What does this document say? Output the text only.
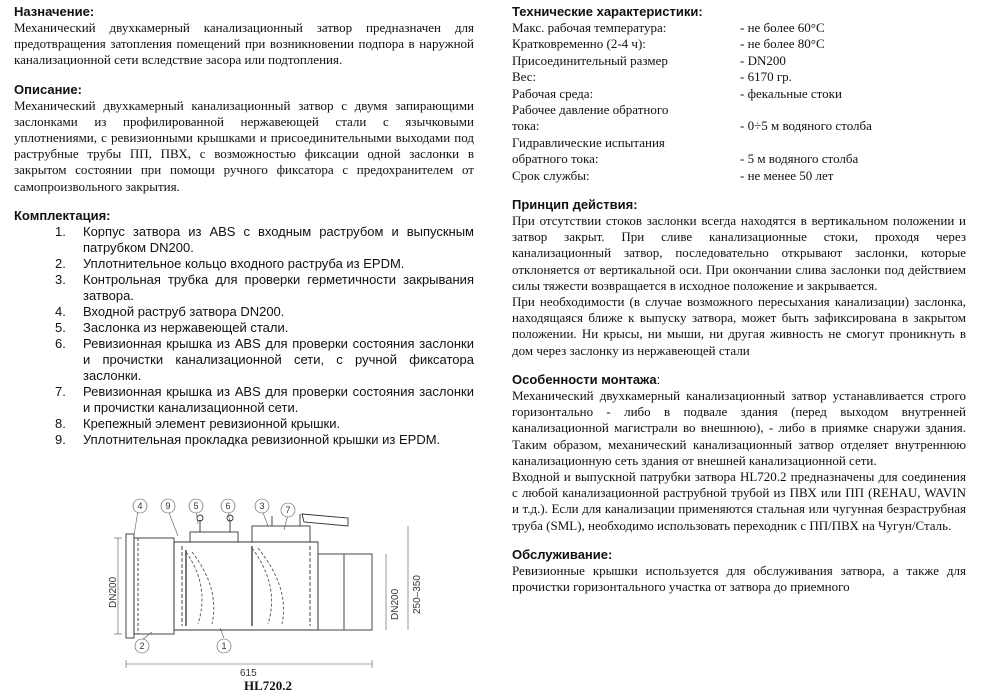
Назначение:

Механический двухкамерный канализационный затвор предназначен для предотвращения затопления помещений при возникновении подпора в наружной канализационной сети вследствие засора или подтопления.

Описание:

Механический двухкамерный канализационный затвор с двумя запирающими заслонками из профилированной нержавеющей стали с язычковыми уплотнениями, с ревизионными крышками и присоединительными выходами под раструбные трубы ПП, ПВХ, с возможностью фиксации одной заслонки в закрытом состоянии при помощи ручного фиксатора с предохранителем от самопроизвольного закрытия.

Комплектация:

1. Корпус затвора из ABS с входным раструбом и выпускным патрубком DN200.
2. Уплотнительное кольцо входного раструба из EPDM.
3. Контрольная трубка для проверки герметичности закрывания затвора.
4. Входной раструб затвора DN200.
5. Заслонка из нержавеющей стали.
6. Ревизионная крышка из ABS для проверки состояния заслонки и прочистки канализационной сети, с ручной фиксатора заслонки.
7. Ревизионная крышка из ABS для проверки состояния заслонки и прочистки канализационной сети.
8. Крепежный элемент ревизионной крышки.
9. Уплотнительная прокладка ревизионной крышки из EPDM.
4	9	5	6	3 7
1
2
DN200	DN200 250–350
615
HL720.2

Технические характеристики:

Макс. рабочая температура:	- не более 60°С
Кратковременно (2-4 ч):	- не более 80°С
Присоединительный размер	- DN200
Вес:	- 6170 гр.
Рабочая среда:	- фекальные стоки
Рабочее давление обратного	
тока:	- 0÷5 м водяного столба
Гидравлические испытания	
обратного тока:	- 5 м водяного столба
Срок службы:	- не менее 50 лет

Принцип действия:

При отсутствии стоков заслонки всегда находятся в вертикальном положении и затвор закрыт. При сливе канализационные стоки, проходя через канализационный затвор, последовательно открывают заслонки, которые отклоняется от вертикальной оси. При окончании слива заслонки под действием силы тяжести возвращается в исходное положение и закрывается.

При необходимости (в случае возможного пересыхания канализации) заслонка, находящаяся ближе к выпуску затвора, может быть зафиксирована в закрытом положении. Ни крысы, ни мыши, ни другая живность не смогут проникнуть в дом через заслонку из нержавеющей стали

Особенности монтажа:

Механический двухкамерный канализационный затвор устанавливается строго горизонтально - либо в подвале здания (перед выходом внутренней канализационной магистрали во внешнюю), - либо в приямке снаружи здания. Таким образом, механический канализационный затвор отделяет внутреннюю канализационную сеть здания от внешней канализационной сети.

Входной и выпускной патрубки затвора HL720.2 предназначены для соединения с любой канализационной раструбной трубой из ПВХ или ПП (REHAU, WAVIN и т.д.). Если для канализации применяются стальная или чугунная безраструбная труба (SML), необходимо использовать переходник с ПП/ПВХ на Чугун/Сталь.

Обслуживание:

Ревизионные крышки используется для обслуживания затвора, а также для прочистки горизонтального участка от затвора до приемного
